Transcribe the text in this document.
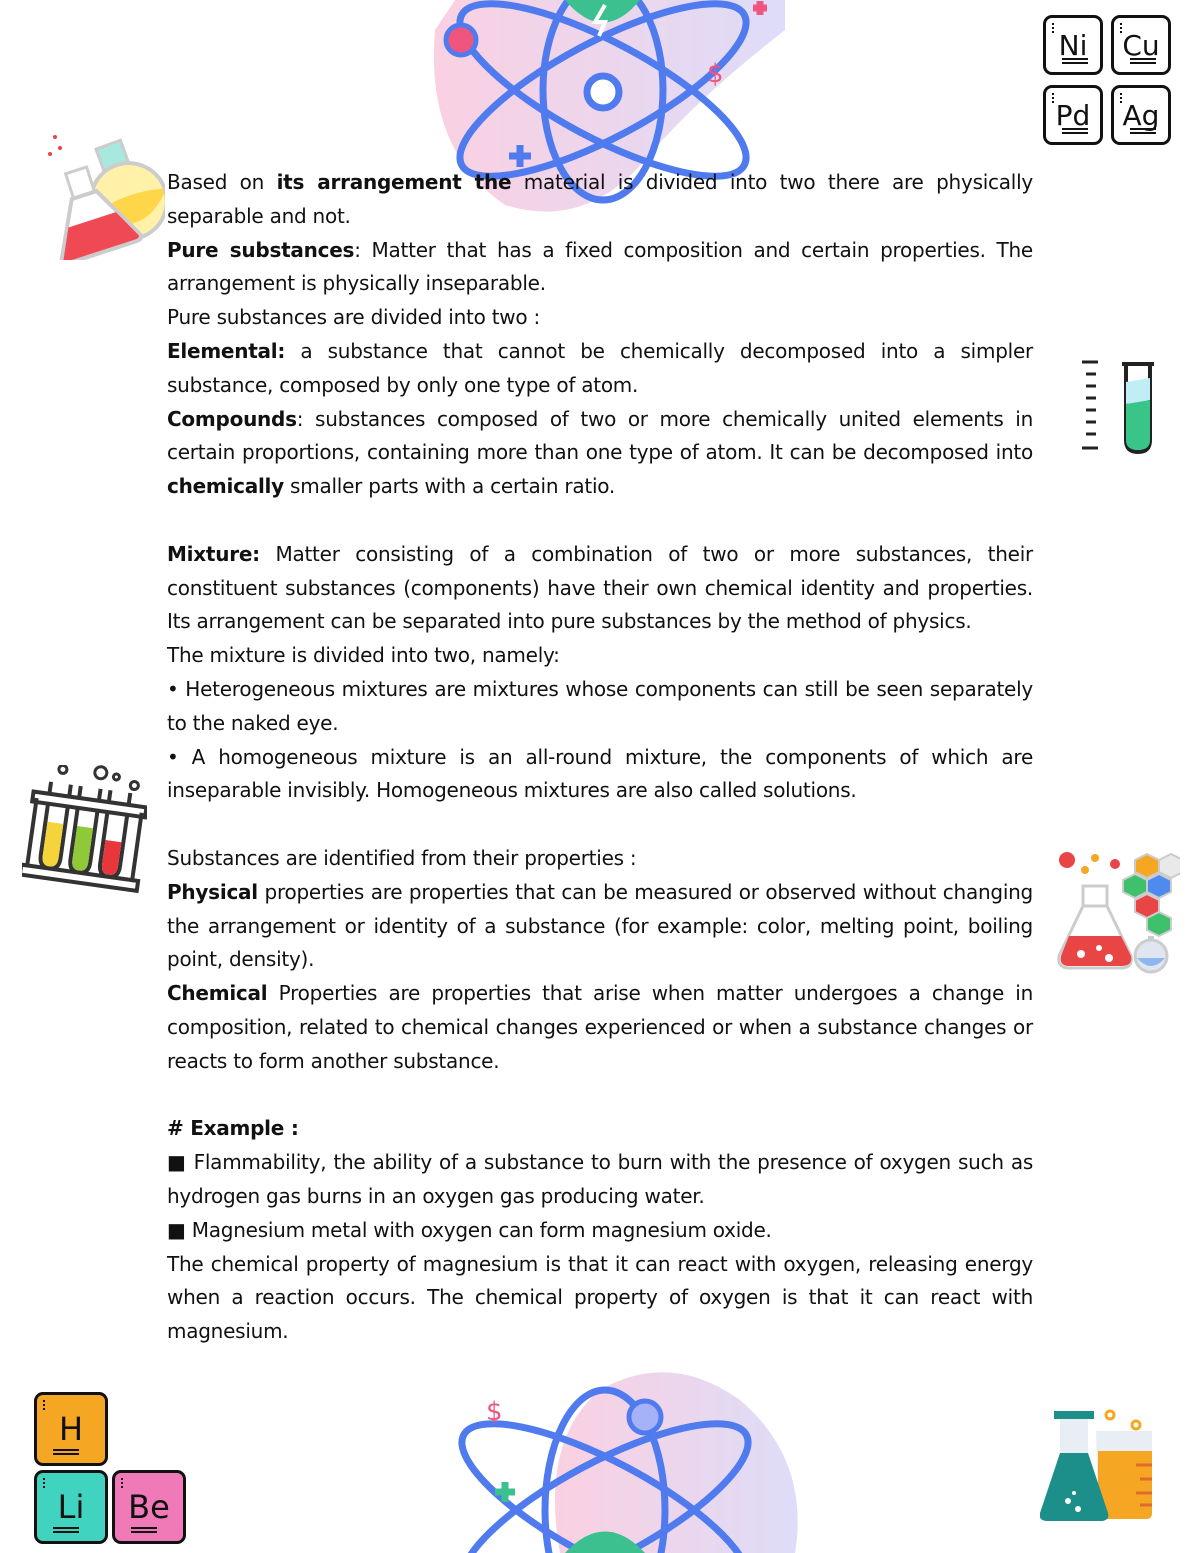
$
$
Ni Cu
Pd Ag
H
Li Be

Based on its arrangement the material is divided into two there are physically separable and not.

Pure substances: Matter that has a fixed composition and certain properties. The arrangement is physically inseparable.

Pure substances are divided into two :

Elemental: a substance that cannot be chemically decomposed into a simpler substance, composed by only one type of atom.

Compounds: substances composed of two or more chemically united elements in certain proportions, containing more than one type of atom. It can be decomposed into chemically smaller parts with a certain ratio.

Mixture: Matter consisting of a combination of two or more substances, their constituent substances (components) have their own chemical identity and properties. Its arrangement can be separated into pure substances by the method of physics.

The mixture is divided into two, namely:

• Heterogeneous mixtures are mixtures whose components can still be seen separately to the naked eye.

• A homogeneous mixture is an all-round mixture, the components of which are inseparable invisibly. Homogeneous mixtures are also called solutions.

Substances are identified from their properties :

Physical properties are properties that can be measured or observed without changing the arrangement or identity of a substance (for example: color, melting point, boiling point, density).

Chemical Properties are properties that arise when matter undergoes a change in composition, related to chemical changes experienced or when a substance changes or reacts to form another substance.

# Example :

■ Flammability, the ability of a substance to burn with the presence of oxygen such as hydrogen gas burns in an oxygen gas producing water.

■ Magnesium metal with oxygen can form magnesium oxide.

The chemical property of magnesium is that it can react with oxygen, releasing energy when a reaction occurs. The chemical property of oxygen is that it can react with magnesium.
